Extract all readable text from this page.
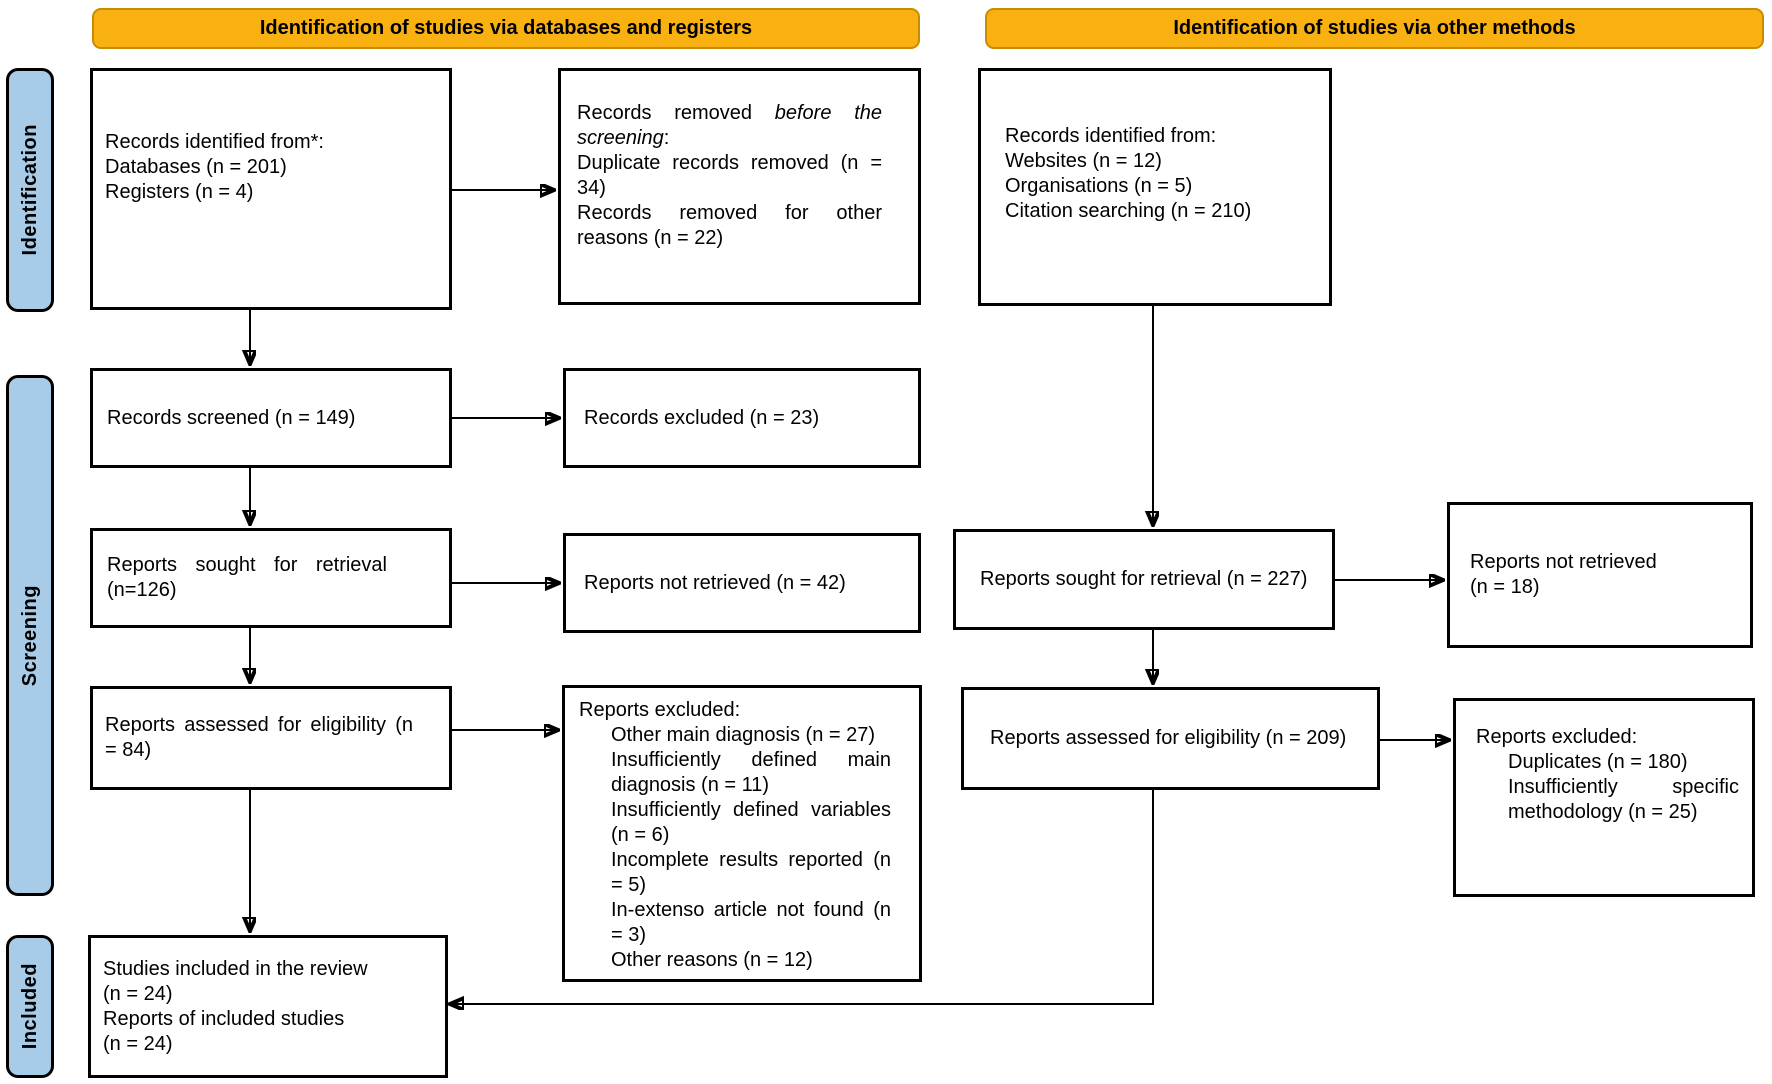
Identification of studies via databases and registers	Identification of studies via other methods
Identification
Screening
Included
Records identified from*:
Databases (n = 201)
Registers (n = 4)
Records screened (n = 149)
Reports sought for retrieval (n=126)
Reports assessed for eligibility (n = 84)
Studies included in the review
(n = 24)
Reports of included studies
(n = 24)
Records removed before the screening:
Duplicate records removed (n = 34)
Records removed for other reasons (n = 22)
Records excluded (n = 23)
Reports not retrieved (n = 42)
Reports excluded:
Other main diagnosis (n = 27)
Insufficiently defined main diagnosis (n = 11)
Insufficiently defined variables (n = 6)
Incomplete results reported (n = 5)
In-extenso article not found (n = 3)
Other reasons (n = 12)
Records identified from:
Websites (n = 12)
Organisations (n = 5)
Citation searching (n = 210)
Reports sought for retrieval (n = 227)
Reports assessed for eligibility (n = 209)
Reports not retrieved
(n = 18)
Reports excluded:
Duplicates (n = 180)
Insufficiently specific methodology (n = 25)
